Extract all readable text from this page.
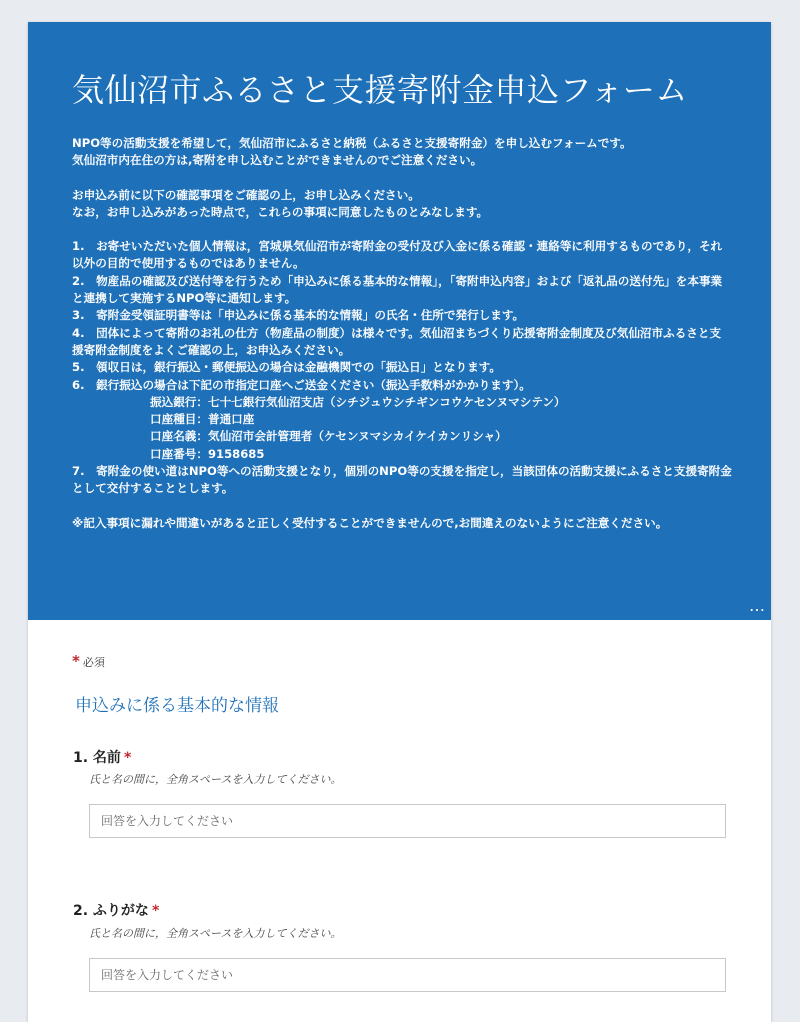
気仙沼市ふるさと支援寄附金申込フォーム

NPO等の活動支援を希望して，気仙沼市にふるさと納税（ふるさと支援寄附金）を申し込むフォームです。

気仙沼市内在住の方は,寄附を申し込むことができませんのでご注意ください。

お申込み前に以下の確認事項をご確認の上，お申し込みください。

なお，お申し込みがあった時点で，これらの事項に同意したものとみなします。

1.　お寄せいただいた個人情報は，宮城県気仙沼市が寄附金の受付及び入金に係る確認・連絡等に利用するものであり，それ以外の目的で使用するものではありません。

2.　物産品の確認及び送付等を行うため「申込みに係る基本的な情報」，「寄附申込内容」および「返礼品の送付先」を本事業と連携して実施するNPO等に通知します。

3.　寄附金受領証明書等は「申込みに係る基本的な情報」の氏名・住所で発行します。

4.　団体によって寄附のお礼の仕方（物産品の制度）は様々です。気仙沼まちづくり応援寄附金制度及び気仙沼市ふるさと支援寄附金制度をよくご確認の上，お申込みください。

5.　領収日は，銀行振込・郵便振込の場合は金融機関での「振込日」となります。

6.　銀行振込の場合は下記の市指定口座へご送金ください（振込手数料がかかります）。

振込銀行：七十七銀行気仙沼支店（シチジュウシチギンコウケセンヌマシテン）

口座種目：普通口座

口座名義：気仙沼市会計管理者（ケセンヌマシカイケイカンリシャ）

口座番号：9158685

7.　寄附金の使い道はNPO等への活動支援となり，個別のNPO等の支援を指定し，当該団体の活動支援にふるさと支援寄附金として交付することとします。

※記入事項に漏れや間違いがあると正しく受付することができませんので,お間違えのないようにご注意ください。

…
* 必須
申込みに係る基本的な情報
1. 名前 *
氏と名の間に，全角スペースを入力してください。
回答を入力してください
2. ふりがな *
氏と名の間に，全角スペースを入力してください。
回答を入力してください
